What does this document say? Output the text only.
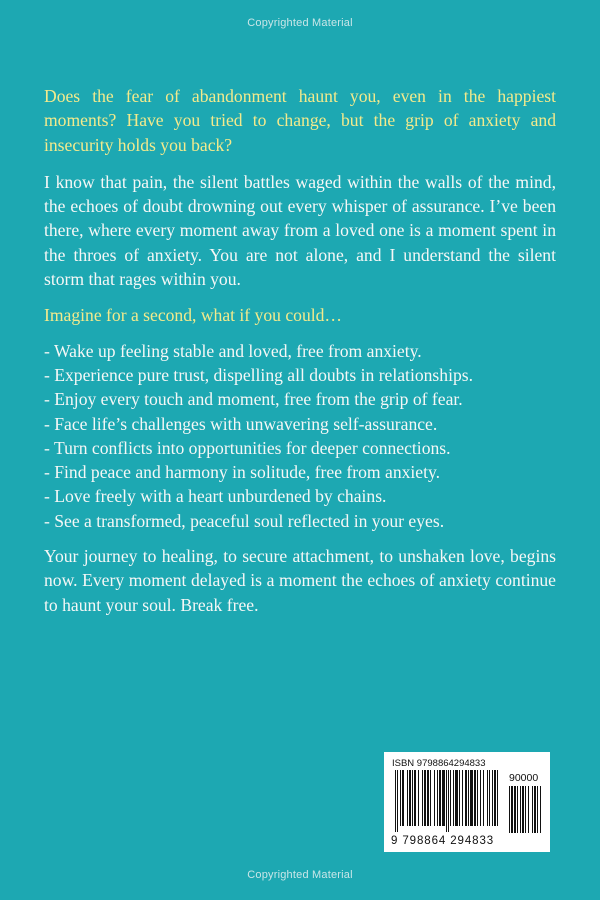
Copyrighted Material

Does the fear of abandonment haunt you, even in the happiest moments? Have you tried to change, but the grip of anxiety and insecurity holds you back?

I know that pain, the silent battles waged within the walls of the mind, the echoes of doubt drowning out every whisper of assurance. I’ve been there, where every moment away from a loved one is a moment spent in the throes of anxiety. You are not alone, and I understand the silent storm that rages within you.

Imagine for a second, what if you could…

- Wake up feeling stable and loved, free from anxiety.
- Experience pure trust, dispelling all doubts in relationships.
- Enjoy every touch and moment, free from the grip of fear.
- Face life’s challenges with unwavering self-assurance.
- Turn conflicts into opportunities for deeper connections.
- Find peace and harmony in solitude, free from anxiety.
- Love freely with a heart unburdened by chains.
- See a transformed, peaceful soul reflected in your eyes.

Your journey to healing, to secure attachment, to unshaken love, begins now. Every moment delayed is a moment the echoes of anxiety continue to haunt your soul. Break free.

ISBN 9798864294833
90000
9 798864 294833
Copyrighted Material
